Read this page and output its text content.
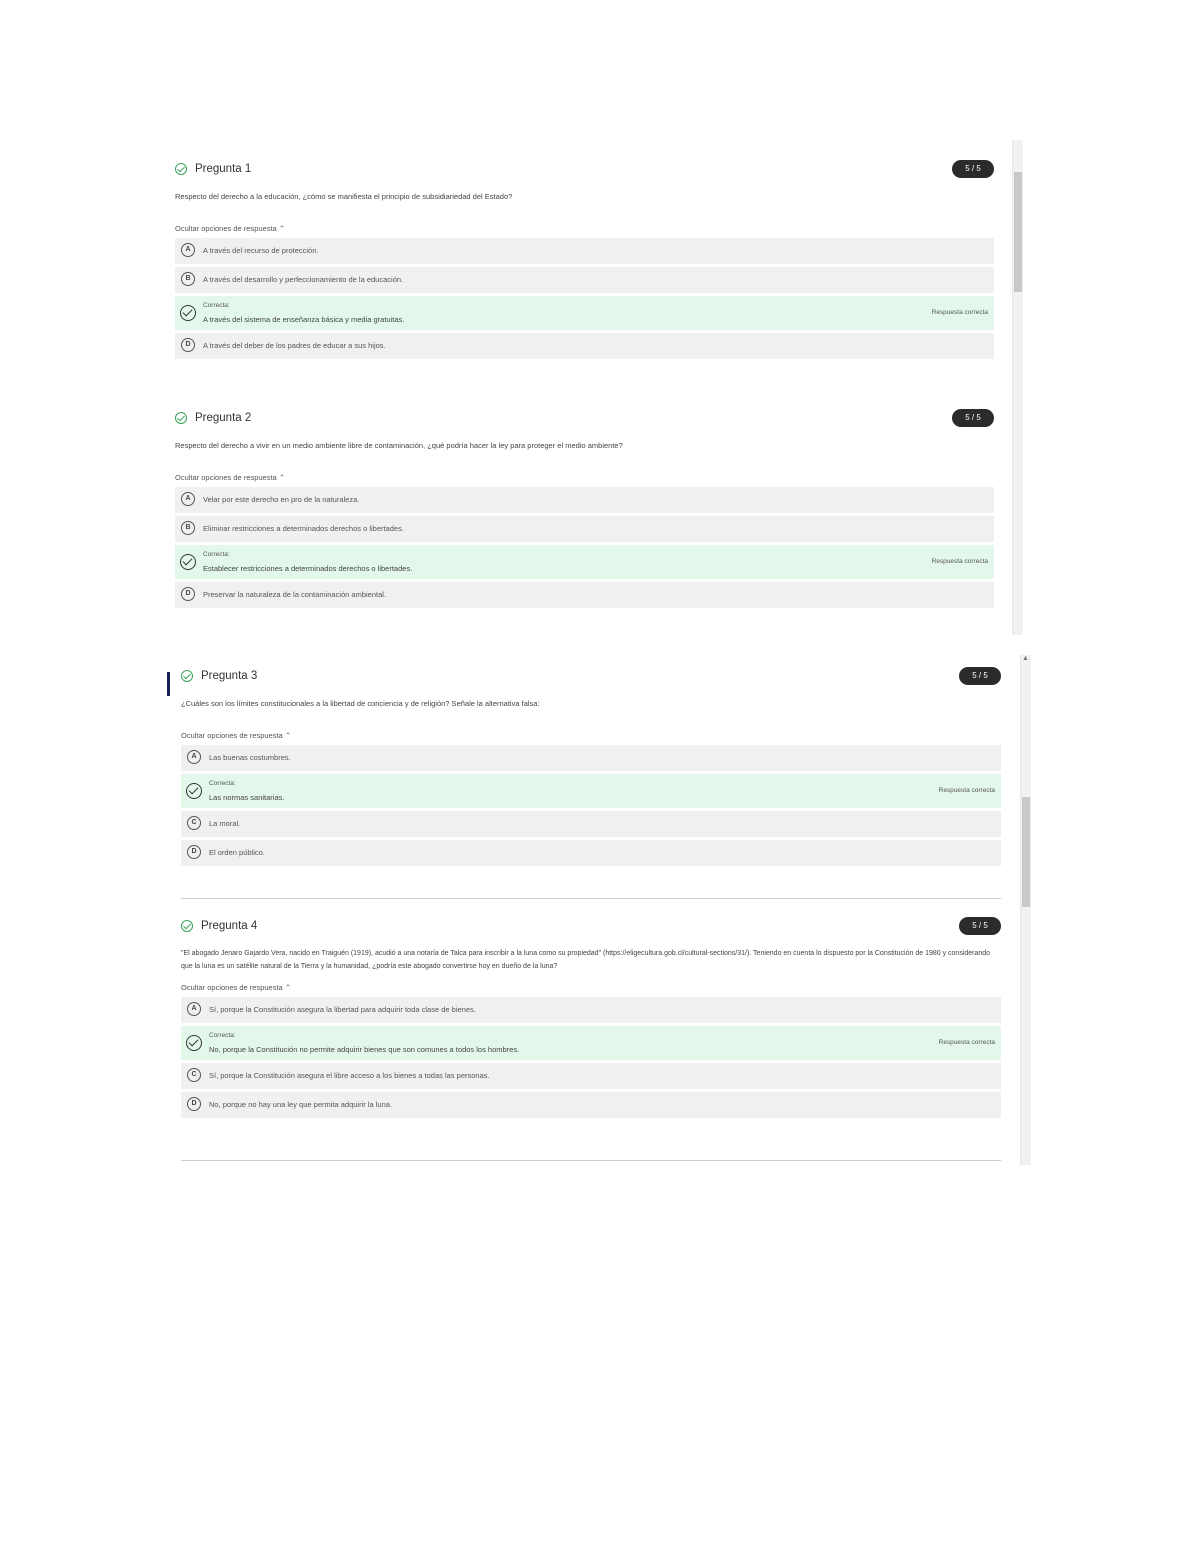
Pregunta 1	5 / 5
Respecto del derecho a la educación, ¿cómo se manifiesta el principio de subsidiariedad del Estado?
Ocultar opciones de respuesta ⌃
A	A través del recurso de protección.
B	A través del desarrollo y perfeccionamiento de la educación.
Correcta:
A través del sistema de enseñanza básica y media gratuitas.
Respuesta correcta
D	A través del deber de los padres de educar a sus hijos.
Pregunta 2	5 / 5
Respecto del derecho a vivir en un medio ambiente libre de contaminación, ¿qué podría hacer la ley para proteger el medio ambiente?
Ocultar opciones de respuesta ⌃
A	Velar por este derecho en pro de la naturaleza.
B	Eliminar restricciones a determinados derechos o libertades.
Correcta:
Establecer restricciones a determinados derechos o libertades.
Respuesta correcta
D	Preservar la naturaleza de la contaminación ambiental.
▲
Pregunta 3	5 / 5
¿Cuáles son los límites constitucionales a la libertad de conciencia y de religión? Señale la alternativa falsa:
Ocultar opciones de respuesta ⌃
A	Las buenas costumbres.
Correcta:
Las normas sanitarias.
Respuesta correcta
C	La moral.
D	El orden público.
Pregunta 4	5 / 5
"El abogado Jenaro Gajardo Vera, nacido en Traiguén (1919), acudió a una notaría de Talca para inscribir a la luna como su propiedad" (https://eligecultura.gob.cl/cultural-sections/31/). Teniendo en cuenta lo dispuesto por la Constitución de 1980 y considerando que la luna es un satélite natural de la Tierra y la humanidad, ¿podría este abogado convertirse hoy en dueño de la luna?
Ocultar opciones de respuesta ⌃
A	Sí, porque la Constitución asegura la libertad para adquirir toda clase de bienes.
Correcta:
No, porque la Constitución no permite adquirir bienes que son comunes a todos los hombres.
Respuesta correcta
C	Sí, porque la Constitución asegura el libre acceso a los bienes a todas las personas.
D	No, porque no hay una ley que permita adquirir la luna.
